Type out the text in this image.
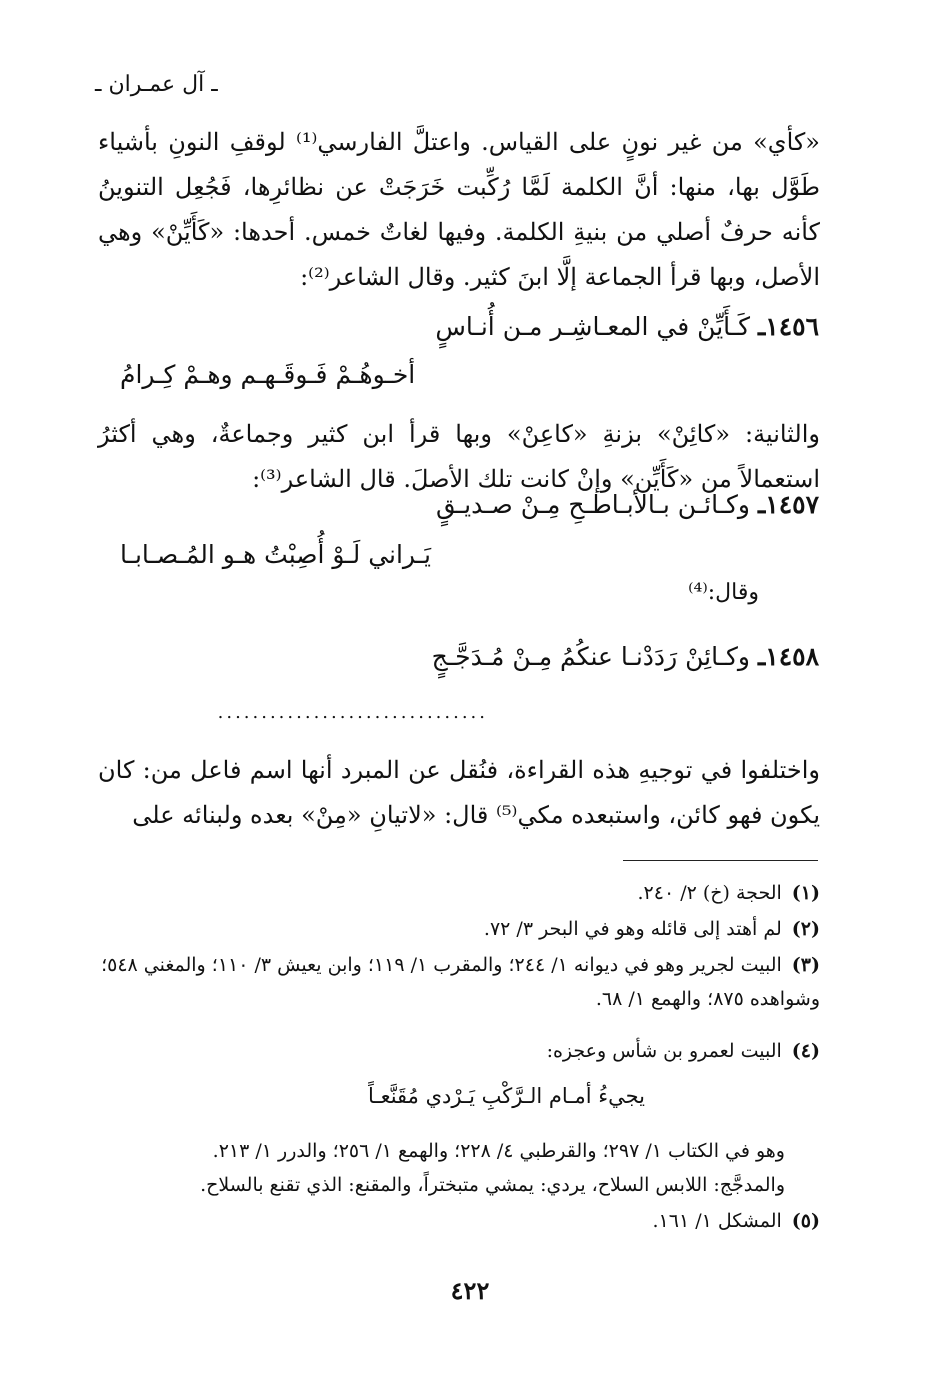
ـ آل عمـران ـ
«كأي» من غير نونٍ على القياس. واعتلَّ الفارسي⁽¹⁾ لوقفِ النونِ بأشياء طَوَّل بها، منها: أنَّ الكلمة لَمَّا رُكِّبت خَرَجَتْ عن نظائرِها، فَجُعِل التنوينُ كأنه حرفٌ أصلي من بنيةِ الكلمة. وفيها لغاتٌ خمس. أحدها: «كَأَيِّنْ» وهي الأصل، وبها قرأ الجماعة إلَّا ابنَ كثير. وقال الشاعر⁽²⁾:
١٤٥٦ـ كَـأَيِّنْ في المعـاشِـر مـن أُنـاسٍ
أخـوهُـمْ فَـوقَـهـم وهـمْ كِـرامُ
والثانية: «كائِنْ» بزنةِ «كاعِنْ» وبها قرأ ابن كثير وجماعةٌ، وهي أكثرُ استعمالاً من «كَأَيِّن» وإنْ كانت تلك الأصلَ. قال الشاعر⁽³⁾:
١٤٥٧ـ وكـائـن بـالأبـاطـحِ مِـنْ صـديـقٍ
يَـراني لَـوْ أُصِبْتُ هـو المُـصـابـا
وقال:⁽⁴⁾
١٤٥٨ـ وكـائِنْ رَدَدْنـا عنكُمُ مِـنْ مُـدَجَّـجٍ
...............................
واختلفوا في توجيهِ هذه القراءة، فنُقل عن المبرد أنها اسم فاعل من: كان يكون فهو كائن، واستبعده مكي⁽⁵⁾ قال: «لاتيانِ «مِنْ» بعده ولبنائه على
(١)الحجة (خ) ٢/ ٢٤٠.
(٢)لم أهتد إلى قائله وهو في البحر ٣/ ٧٢.
(٣)البيت لجرير وهو في ديوانه ١/ ٢٤٤؛ والمقرب ١/ ١١٩؛ وابن يعيش ٣/ ١١٠؛ والمغني ٥٤٨؛ وشواهده ٨٧٥؛ والهمع ١/ ٦٨.
(٤)البيت لعمرو بن شأس وعجزه:
يجيءُ أمـام الـرَّكْبِ يَـرْدي مُقَنَّعـاً
وهو في الكتاب ١/ ٢٩٧؛ والقرطبي ٤/ ٢٢٨؛ والهمع ١/ ٢٥٦؛ والدرر ١/ ٢١٣.
والمدجَّج: اللابس السلاح، يردي: يمشي متبختراً، والمقنع: الذي تقنع بالسلاح.
(٥)المشكل ١/ ١٦١.
٤٢٢
